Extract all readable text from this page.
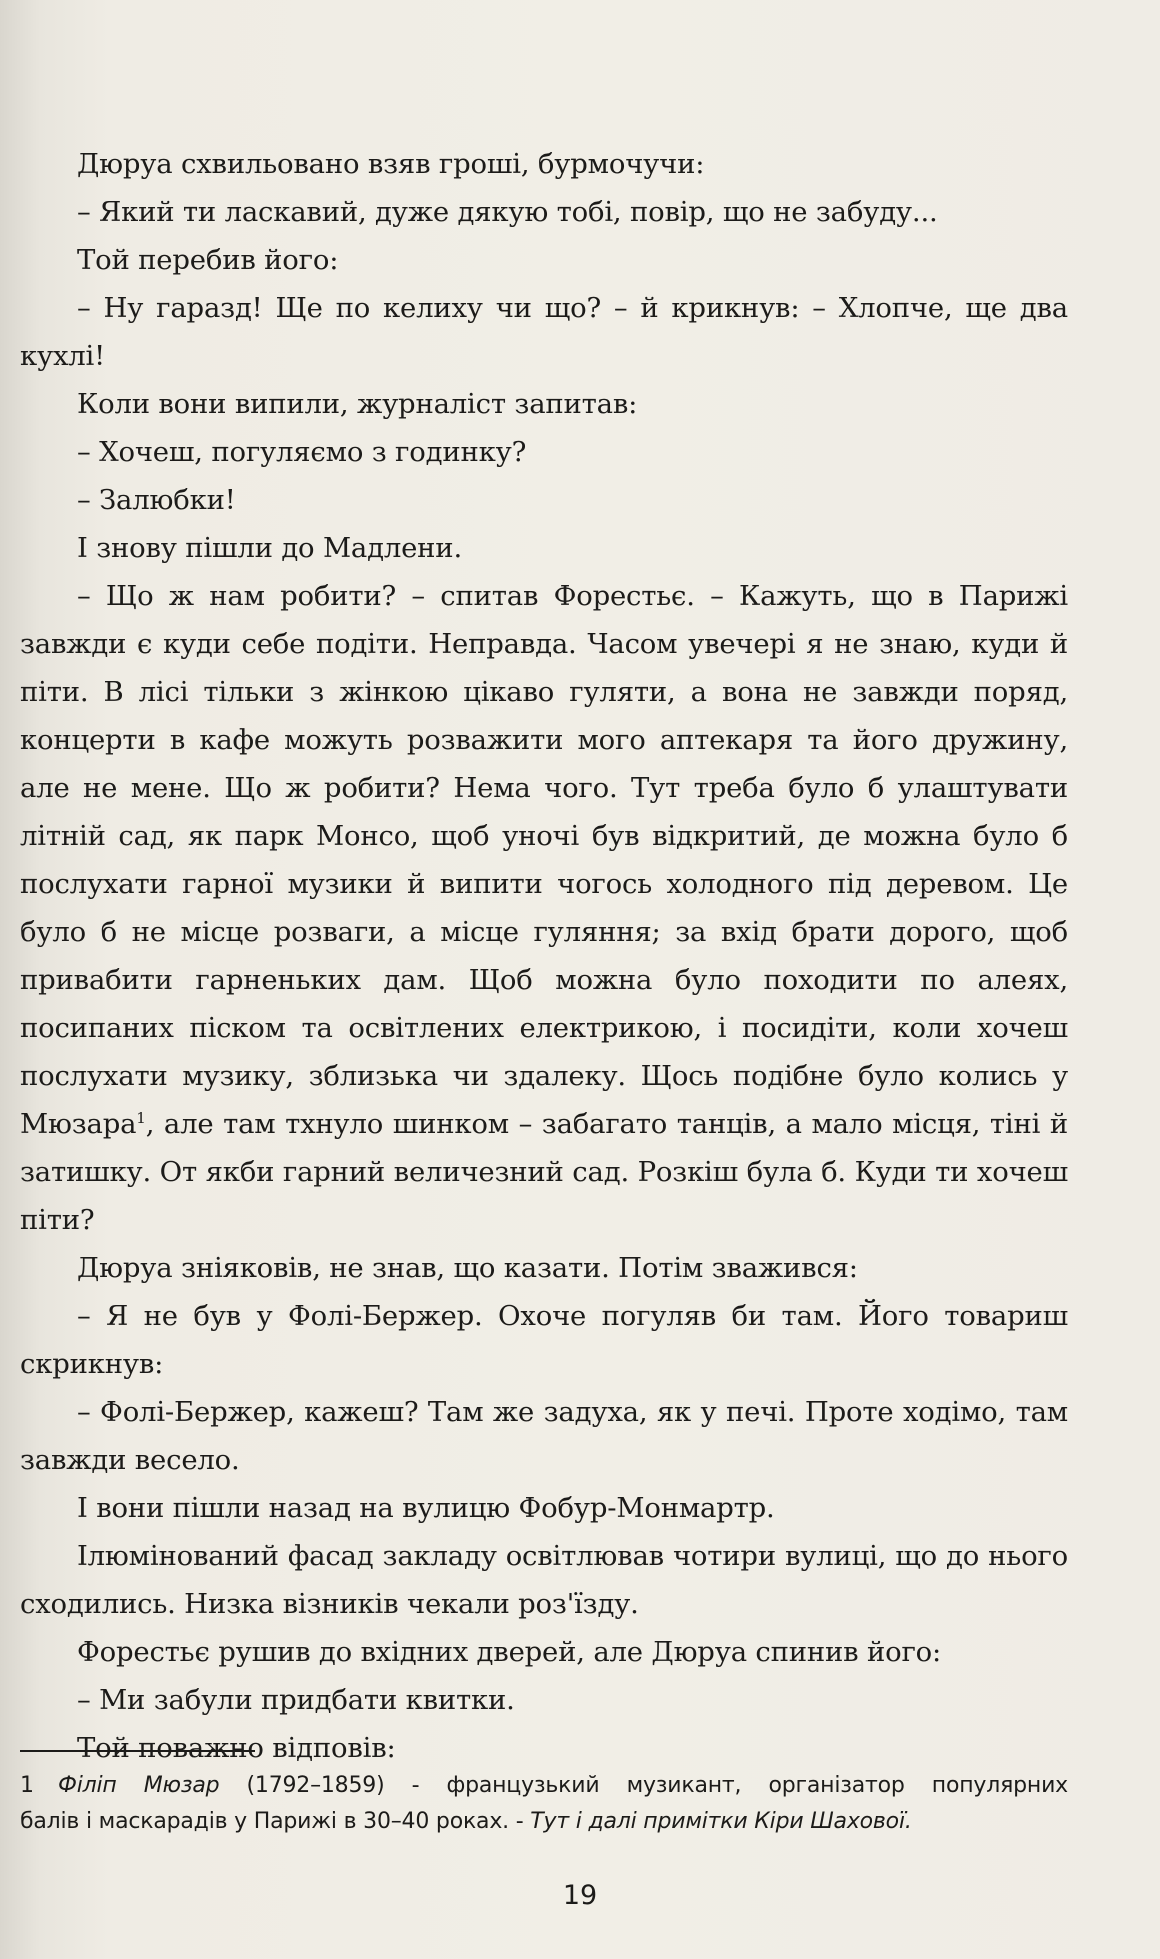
Дюруа схвильовано взяв гроші, бурмочучи:

– Який ти ласкавий, дуже дякую тобі, повір, що не забуду...

Той перебив його:

– Ну гаразд! Ще по келиху чи що? – й крикнув: – Хлопче, ще два кухлі!

Коли вони випили, журналіст запитав:

– Хочеш, погуляємо з годинку?

– Залюбки!

І знову пішли до Мадлени.

– Що ж нам робити? – спитав Форестьє. – Кажуть, що в Парижі завжди є куди себе подіти. Неправда. Часом увечері я не знаю, куди й піти. В лісі тільки з жінкою цікаво гуляти, а вона не завжди поряд, концерти в кафе можуть розважити мого аптекаря та його дружину, але не мене. Що ж робити? Нема чого. Тут треба було б улаштувати літній сад, як парк Монсо, щоб уночі був відкритий, де можна було б послухати гарної музики й випити чогось холодного під деревом. Це було б не місце розваги, а місце гуляння; за вхід брати дорого, щоб привабити гарненьких дам. Щоб можна було походити по алеях, посипаних піском та освітлених електрикою, і посидіти, коли хочеш послухати музику, зблизька чи здалеку. Щось подібне було колись у Мюзара$^1$, але там тхнуло шинком – забагато танців, а мало місця, тіні й затишку. От якби гарний величезний сад. Розкіш була б. Куди ти хочеш піти?

Дюруа зніяковів, не знав, що казати. Потім зважився:

– Я не був у Фолі-Бержер. Охоче погуляв би там. Його товариш скрикнув:

– Фолі-Бержер, кажеш? Там же задуха, як у печі. Проте ходімо, там завжди весело.

І вони пішли назад на вулицю Фобур-Монмартр.

Ілюмінований фасад закладу освітлював чотири вулиці, що до нього сходились. Низка візників чекали роз'їзду.

Форестьє рушив до вхідних дверей, але Дюруа спинив його:

– Ми забули придбати квитки.

Той поважно відповів:

1 Філіп Мюзар (1792–1859) - французький музикант, організатор популярних
балів і маскарадів у Парижі в 30–40 роках. - Тут і далі примітки Кіри Шахової.
19
